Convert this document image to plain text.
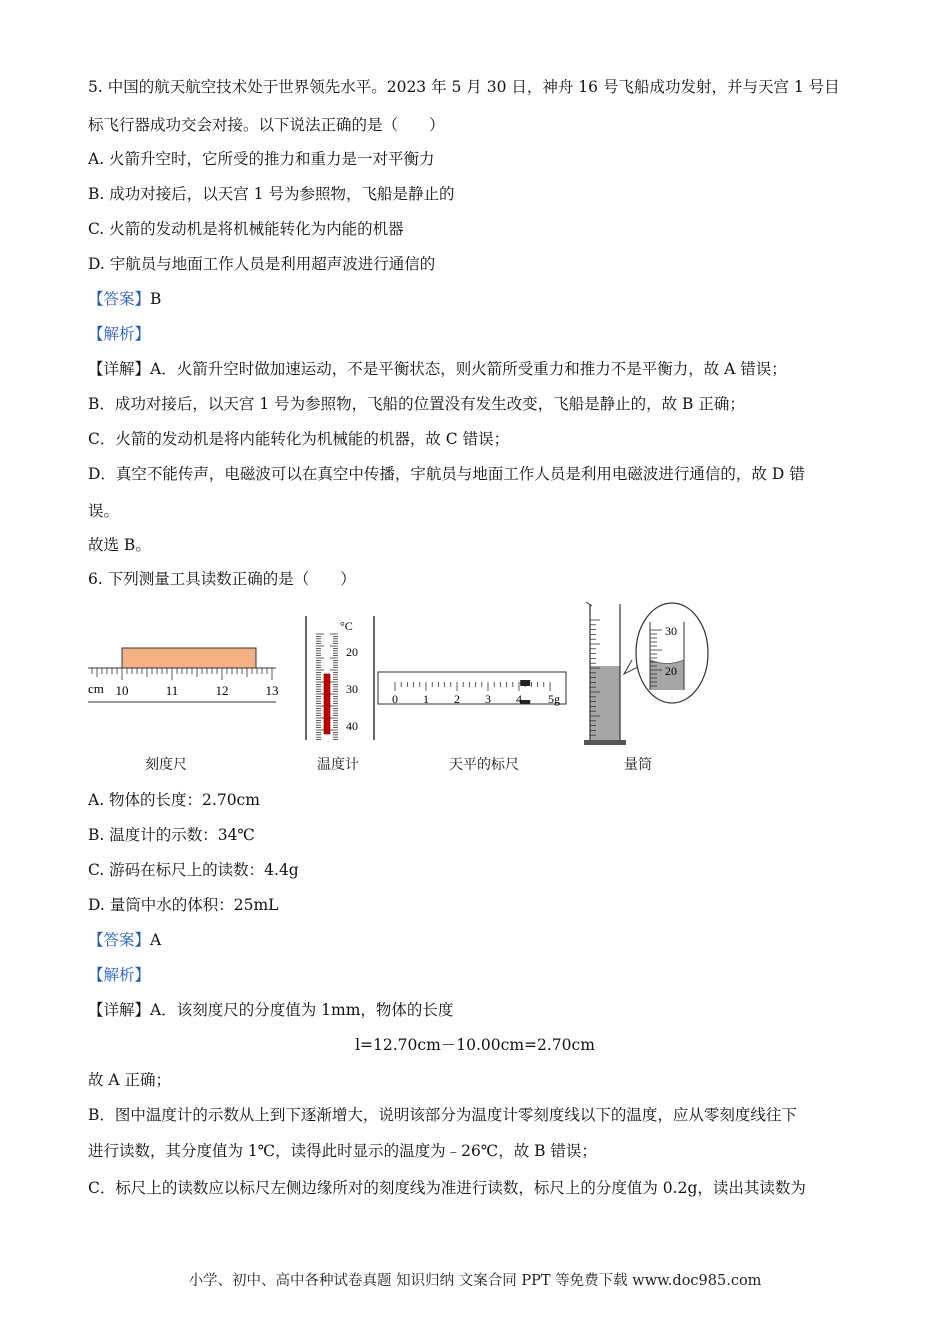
5. 中国的航天航空技术处于世界领先水平。2023 年 5 月 30 日，神舟 16 号飞船成功发射，并与天宫 1 号目
标飞行器成功交会对接。以下说法正确的是（　　）
A. 火箭升空时，它所受的推力和重力是一对平衡力
B. 成功对接后，以天宫 1 号为参照物，飞船是静止的
C. 火箭的发动机是将机械能转化为内能的机器
D. 宇航员与地面工作人员是利用超声波进行通信的
【答案】B
【解析】
【详解】A．火箭升空时做加速运动，不是平衡状态，则火箭所受重力和推力不是平衡力，故 A 错误；
B．成功对接后，以天宫 1 号为参照物，飞船的位置没有发生改变，飞船是静止的，故 B 正确；
C．火箭的发动机是将内能转化为机械能的机器，故 C 错误；
D．真空不能传声，电磁波可以在真空中传播，宇航员与地面工作人员是利用电磁波进行通信的，故 D 错
误。
故选 B。
6. 下列测量工具读数正确的是（　　）
cm 10	11	12	13
刻度尺
°C
20
30
40
温度计
0 1 2 3 4 5g
天平的标尺
30
20
量筒
A. 物体的长度：2.70cm
B. 温度计的示数：34℃
C. 游码在标尺上的读数：4.4g
D. 量筒中水的体积：25mL
【答案】A
【解析】
【详解】A．该刻度尺的分度值为 1mm，物体的长度
l=12.70cm－10.00cm=2.70cm
故 A 正确；
B．图中温度计的示数从上到下逐渐增大，说明该部分为温度计零刻度线以下的温度，应从零刻度线往下
进行读数，其分度值为 1℃，读得此时显示的温度为﹣26℃，故 B 错误；
C．标尺上的读数应以标尺左侧边缘所对的刻度线为准进行读数，标尺上的分度值为 0.2g，读出其读数为
小学、初中、高中各种试卷真题 知识归纳 文案合同 PPT 等免费下载 www.doc985.com
